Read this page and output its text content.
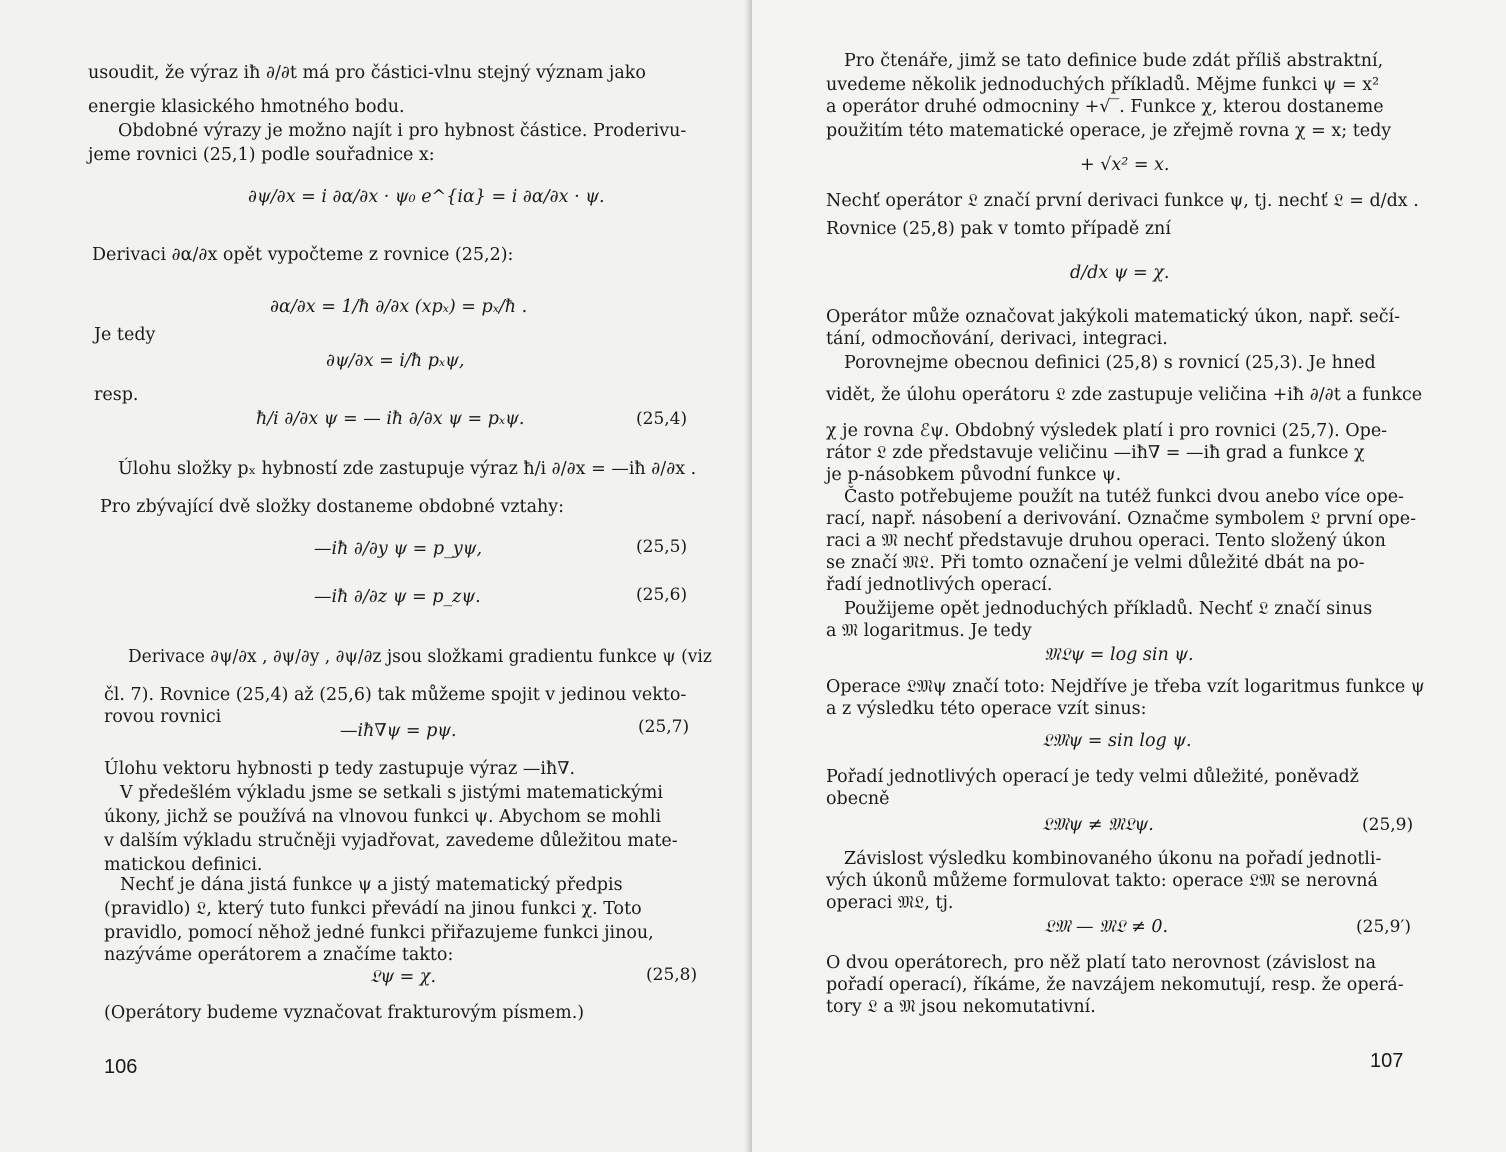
usoudit, že výraz iħ ∂/∂t má pro částici-vlnu stejný význam jako
energie klasického hmotného bodu.
Obdobné výrazy je možno najít i pro hybnost částice. Proderivu-
jeme rovnici (25,1) podle souřadnice x:
∂ψ/∂x = i ∂α/∂x · ψ₀ e^{iα} = i ∂α/∂x · ψ.
Derivaci ∂α/∂x opět vypočteme z rovnice (25,2):
∂α/∂x = 1/ħ ∂/∂x (xpₓ) = pₓ/ħ .
Je tedy
∂ψ/∂x = i/ħ pₓψ,
resp.
ħ/i ∂/∂x ψ = — iħ ∂/∂x ψ = pₓψ.	(25,4)
Úlohu složky pₓ hybností zde zastupuje výraz ħ/i ∂/∂x = —iħ ∂/∂x .
Pro zbývající dvě složky dostaneme obdobné vztahy:
—iħ ∂/∂y ψ = p_yψ,	(25,5)
—iħ ∂/∂z ψ = p_zψ.	(25,6)
Derivace ∂ψ/∂x , ∂ψ/∂y , ∂ψ/∂z jsou složkami gradientu funkce ψ (viz
čl. 7). Rovnice (25,4) až (25,6) tak můžeme spojit v jedinou vekto-
rovou rovnici
—iħ∇ψ = pψ.	(25,7)
Úlohu vektoru hybnosti p tedy zastupuje výraz —iħ∇.
V předešlém výkladu jsme se setkali s jistými matematickými
úkony, jichž se používá na vlnovou funkci ψ. Abychom se mohli
v dalším výkladu stručněji vyjadřovat, zavedeme důležitou mate-
matickou definici.
Nechť je dána jistá funkce ψ a jistý matematický předpis
(pravidlo) 𝔏, který tuto funkci převádí na jinou funkci χ. Toto
pravidlo, pomocí něhož jedné funkci přiřazujeme funkci jinou,
nazýváme operátorem a značíme takto:
𝔏ψ = χ.	(25,8)
(Operátory budeme vyznačovat frakturovým písmem.)
106
Pro čtenáře, jimž se tato definice bude zdát příliš abstraktní,
uvedeme několik jednoduchých příkladů. Mějme funkci ψ = x²
a operátor druhé odmocniny +√‾. Funkce χ, kterou dostaneme
použitím této matematické operace, je zřejmě rovna χ = x; tedy
+ √x² = x.
Nechť operátor 𝔏 značí první derivaci funkce ψ, tj. nechť 𝔏 = d/dx .
Rovnice (25,8) pak v tomto případě zní
d/dx ψ = χ.
Operátor může označovat jakýkoli matematický úkon, např. sečí-
tání, odmocňování, derivaci, integraci.
Porovnejme obecnou definici (25,8) s rovnicí (25,3). Je hned
vidět, že úlohu operátoru 𝔏 zde zastupuje veličina +iħ ∂/∂t a funkce
χ je rovna ℰψ. Obdobný výsledek platí i pro rovnici (25,7). Ope-
rátor 𝔏 zde představuje veličinu —iħ∇ = —iħ grad a funkce χ
je p-násobkem původní funkce ψ.
Často potřebujeme použít na tutéž funkci dvou anebo více ope-
rací, např. násobení a derivování. Označme symbolem 𝔏 první ope-
raci a 𝔐 nechť představuje druhou operaci. Tento složený úkon
se značí 𝔐𝔏. Při tomto označení je velmi důležité dbát na po-
řadí jednotlivých operací.
Použijeme opět jednoduchých příkladů. Nechť 𝔏 značí sinus
a 𝔐 logaritmus. Je tedy
𝔐𝔏ψ = log sin ψ.
Operace 𝔏𝔐ψ značí toto: Nejdříve je třeba vzít logaritmus funkce ψ
a z výsledku této operace vzít sinus:
𝔏𝔐ψ = sin log ψ.
Pořadí jednotlivých operací je tedy velmi důležité, poněvadž
obecně
𝔏𝔐ψ ≠ 𝔐𝔏ψ.	(25,9)
Závislost výsledku kombinovaného úkonu na pořadí jednotli-
vých úkonů můžeme formulovat takto: operace 𝔏𝔐 se nerovná
operaci 𝔐𝔏, tj.
𝔏𝔐 — 𝔐𝔏 ≠ 0.	(25,9′)
O dvou operátorech, pro něž platí tato nerovnost (závislost na
pořadí operací), říkáme, že navzájem nekomutují, resp. že operá-
tory 𝔏 a 𝔐 jsou nekomutativní.
107
